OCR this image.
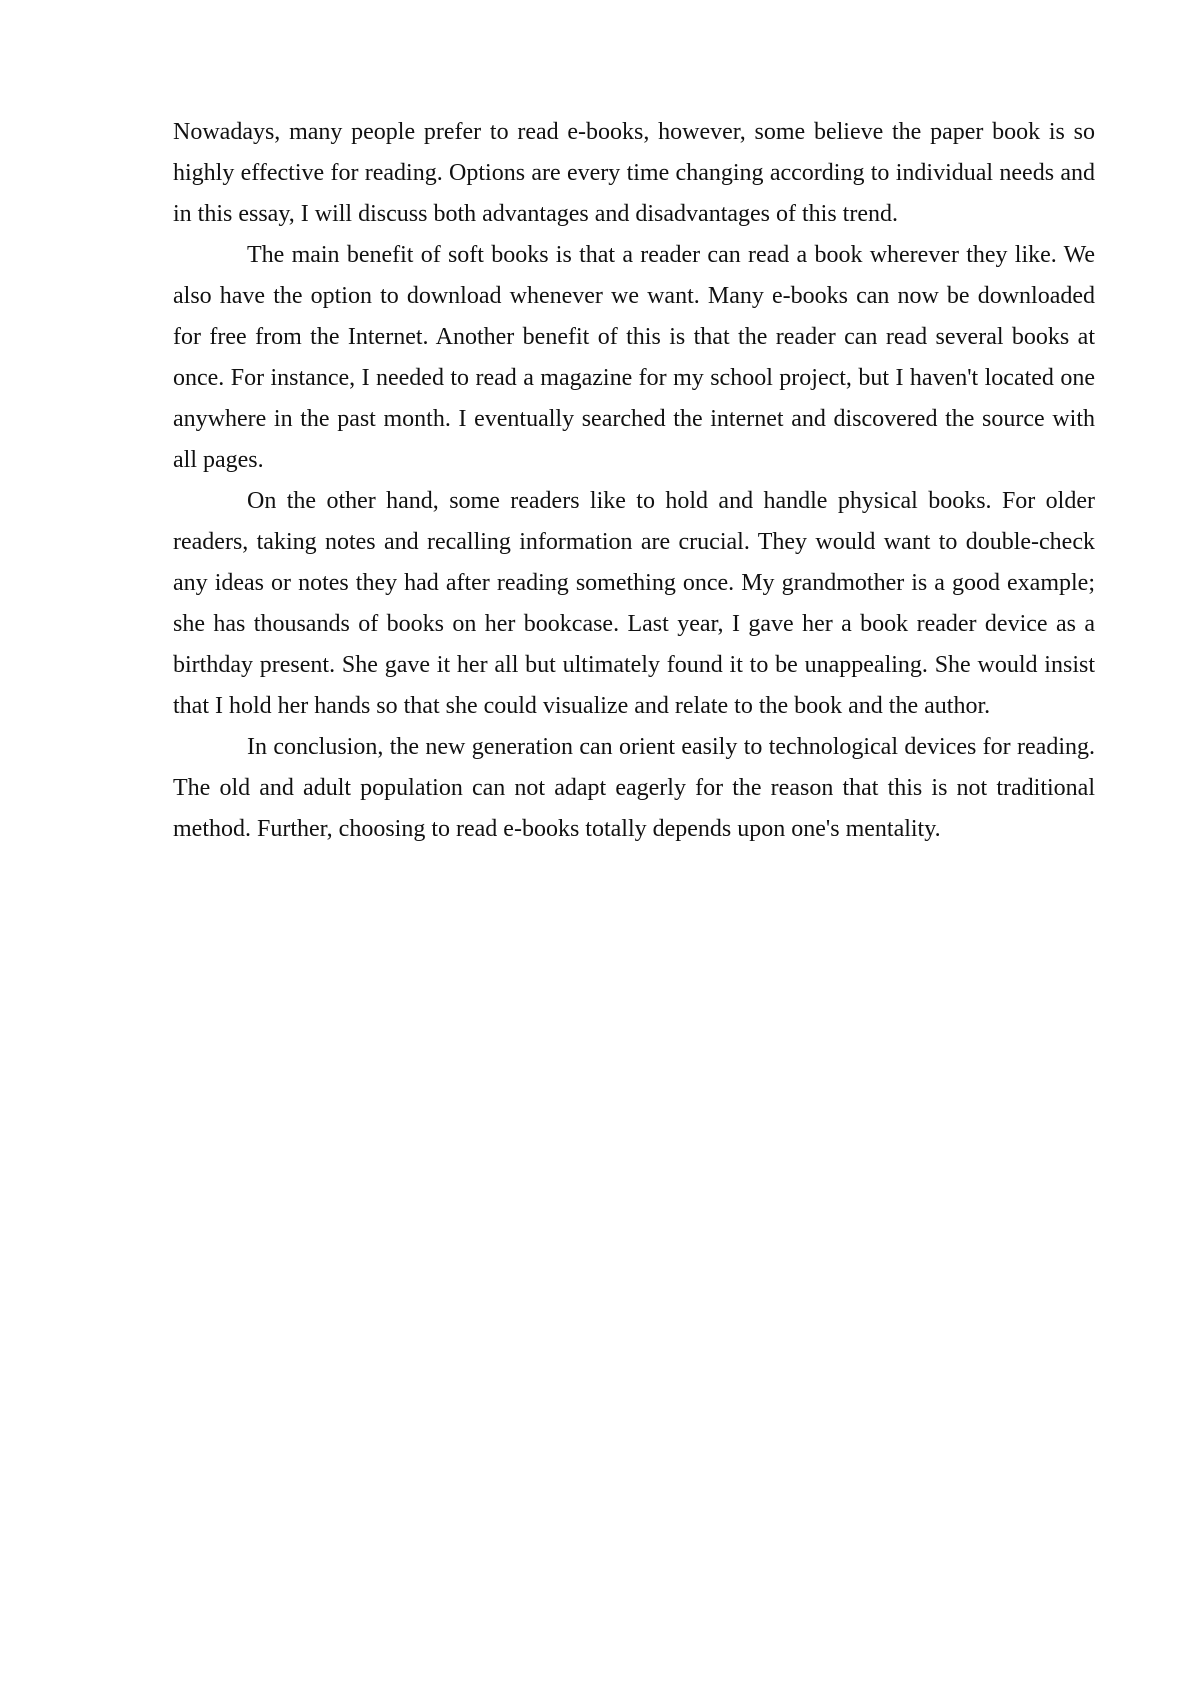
Nowadays, many people prefer to read e-books, however, some believe the paper book is so highly effective for reading. Options are every time changing according to individual needs and in this essay, I will discuss both advantages and disadvantages of this trend.

The main benefit of soft books is that a reader can read a book wherever they like. We also have the option to download whenever we want. Many e-books can now be downloaded for free from the Internet. Another benefit of this is that the reader can read several books at once. For instance, I needed to read a magazine for my school project, but I haven't located one anywhere in the past month. I eventually searched the internet and discovered the source with all pages.

On the other hand, some readers like to hold and handle physical books. For older readers, taking notes and recalling information are crucial. They would want to double-check any ideas or notes they had after reading something once. My grandmother is a good example; she has thousands of books on her bookcase. Last year, I gave her a book reader device as a birthday present. She gave it her all but ultimately found it to be unappealing. She would insist that I hold her hands so that she could visualize and relate to the book and the author.

In conclusion, the new generation can orient easily to technological devices for reading. The old and adult population can not adapt eagerly for the reason that this is not traditional method. Further, choosing to read e-books totally depends upon one's mentality.
